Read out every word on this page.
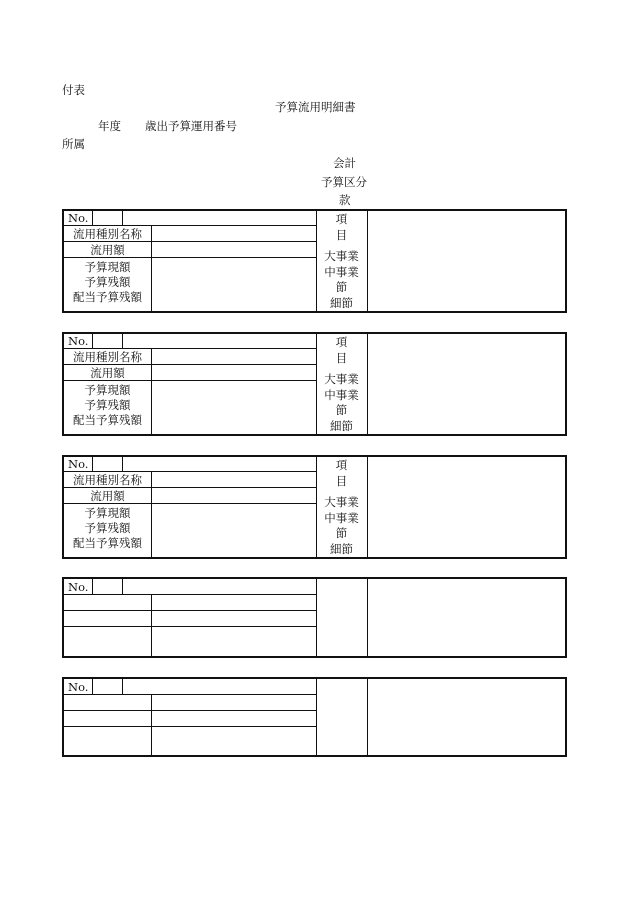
付表
予算流用明細書
年度 歳出予算運用番号
所属
会計
予算区分
款
No.
流用種別名称
流用額
予算現額
予算残額
配当予算残額
項
目
大事業
中事業
節
細節
No.
流用種別名称
流用額
予算現額
予算残額
配当予算残額
項
目
大事業
中事業
節
細節
No.
流用種別名称
流用額
予算現額
予算残額
配当予算残額
項
目
大事業
中事業
節
細節
No.
No.
